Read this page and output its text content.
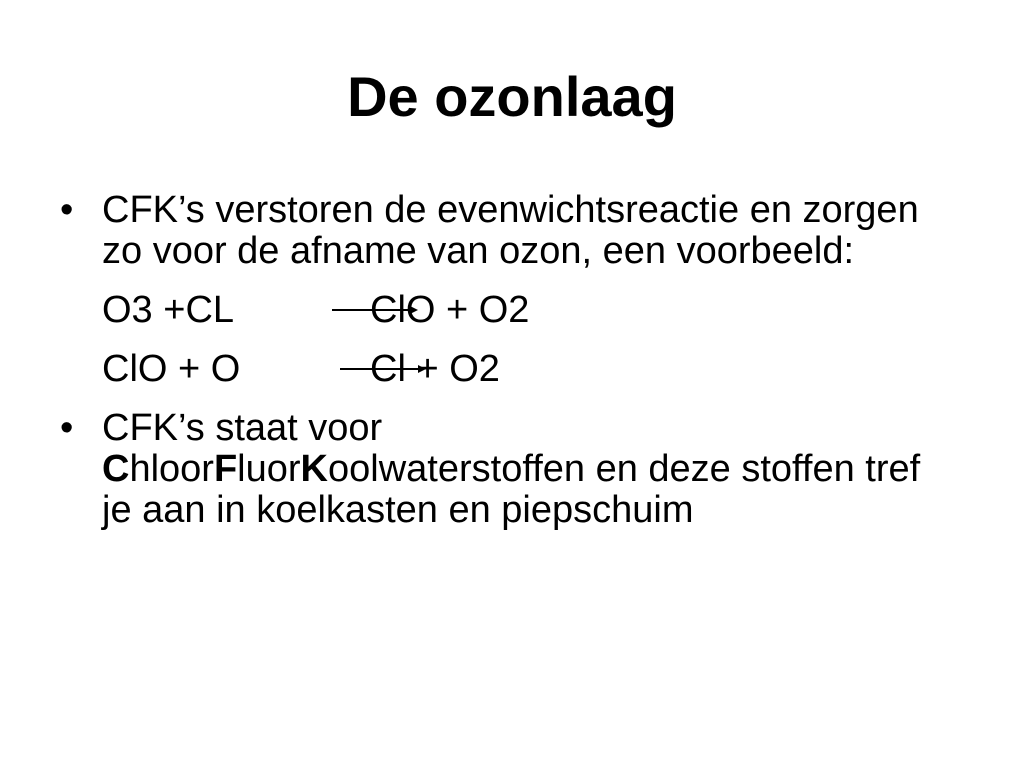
De ozonlaag
• CFK’s verstoren de evenwichtsreactie en zorgen zo voor de afname van ozon, een voorbeeld:
O3 +CL	ClO + O2
ClO + O	Cl + O2
• CFK’s staat voor
ChloorFluorKoolwaterstoffen en deze stoffen tref je aan in koelkasten en piepschuim
